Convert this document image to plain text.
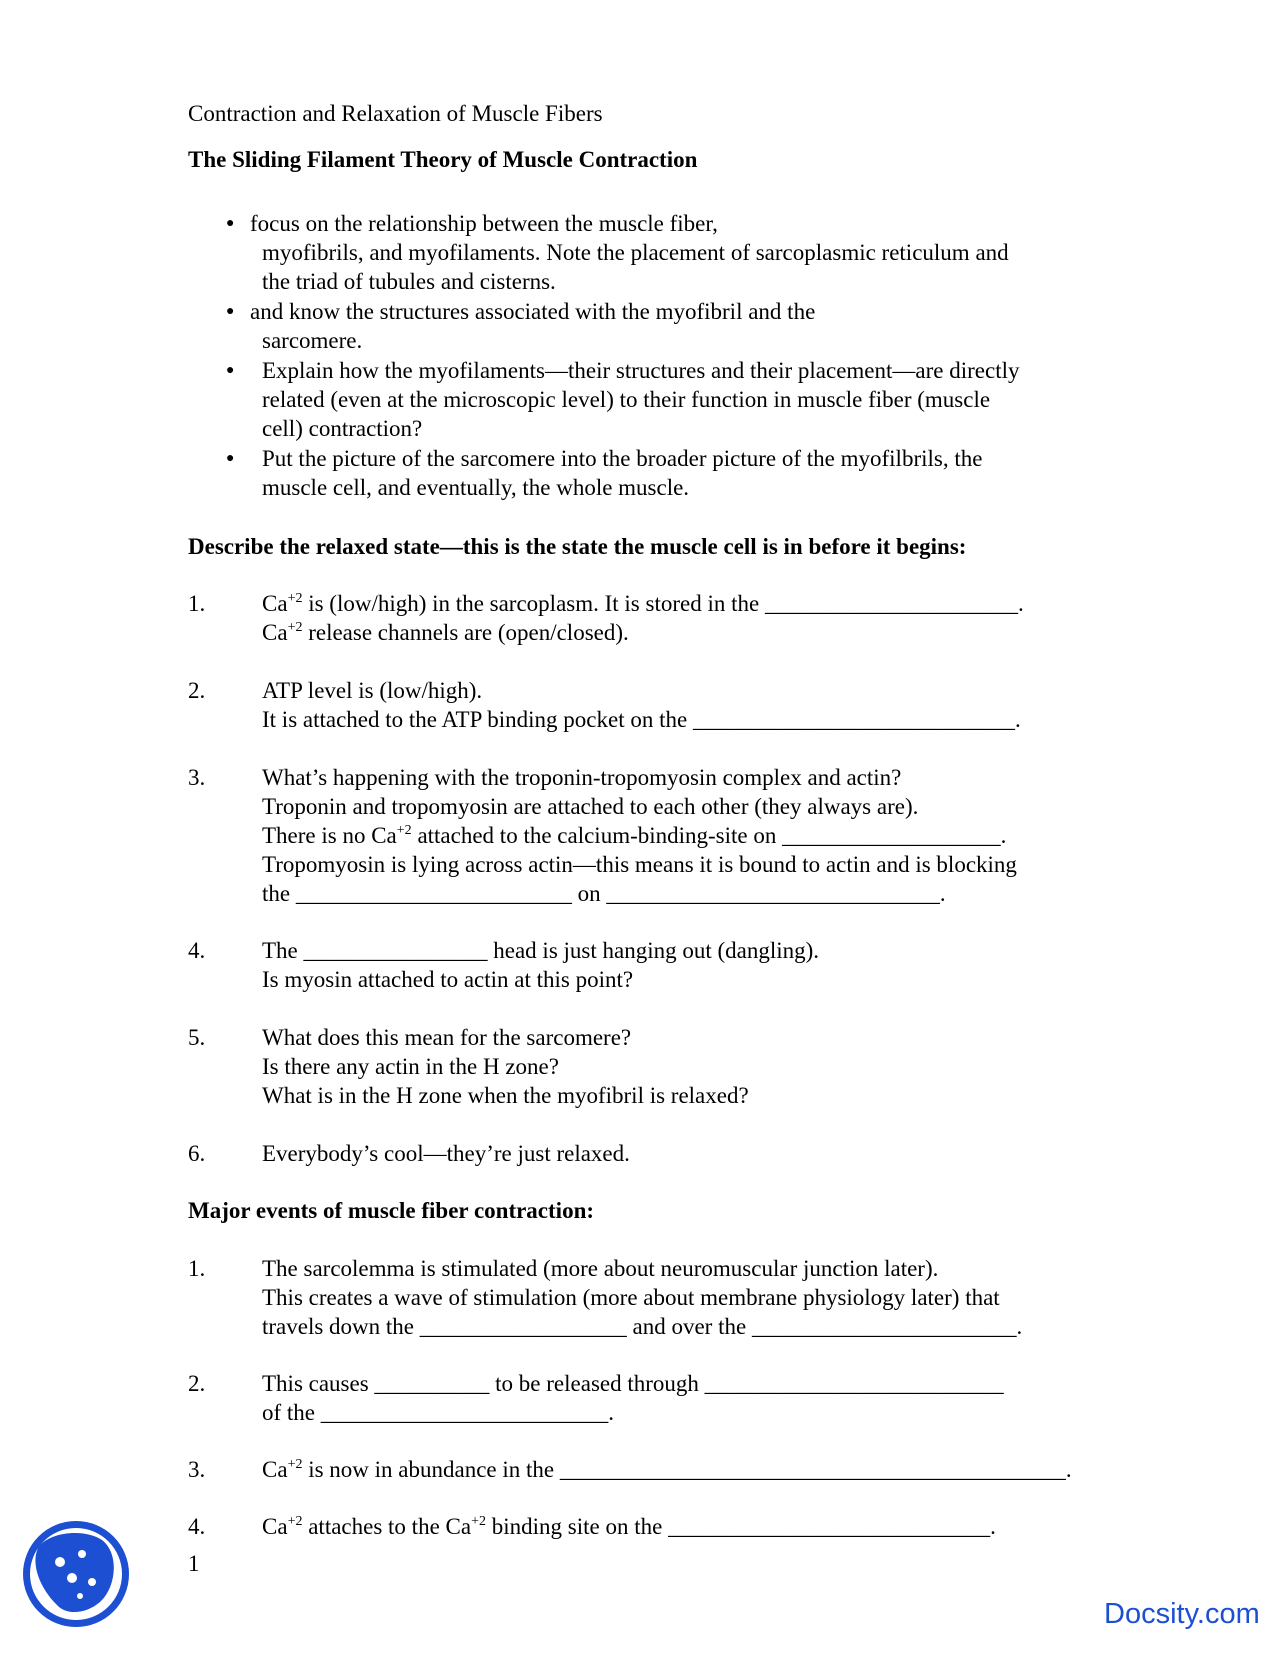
Contraction and Relaxation of Muscle Fibers
The Sliding Filament Theory of Muscle Contraction
● focus on the relationship between the muscle fiber,
myofibrils, and myofilaments. Note the placement of sarcoplasmic reticulum and
the triad of tubules and cisterns.
● and know the structures associated with the myofibril and the
sarcomere.
● Explain how the myofilaments—their structures and their placement—are directly
related (even at the microscopic level) to their function in muscle fiber (muscle
cell) contraction?
● Put the picture of the sarcomere into the broader picture of the myofilbrils, the
muscle cell, and eventually, the whole muscle.
Describe the relaxed state—this is the state the muscle cell is in before it begins:
1. $Ca^{+2}$ is (low/high) in the sarcoplasm. It is stored in the ______________________.
$Ca^{+2}$ release channels are (open/closed).
2. ATP level is (low/high).
It is attached to the ATP binding pocket on the ____________________________.
3. What’s happening with the troponin-tropomyosin complex and actin?
Troponin and tropomyosin are attached to each other (they always are).
There is no $Ca^{+2}$ attached to the calcium-binding-site on ___________________.
Tropomyosin is lying across actin—this means it is bound to actin and is blocking
the ________________________ on _____________________________.
4. The ________________ head is just hanging out (dangling).
Is myosin attached to actin at this point?
5. What does this mean for the sarcomere?
Is there any actin in the H zone?
What is in the H zone when the myofibril is relaxed?
6. Everybody’s cool—they’re just relaxed.
Major events of muscle fiber contraction:
1. The sarcolemma is stimulated (more about neuromuscular junction later).
This creates a wave of stimulation (more about membrane physiology later) that
travels down the __________________ and over the _______________________.
2. This causes __________ to be released through __________________________
of the _________________________.
3. $Ca^{+2}$ is now in abundance in the ____________________________________________.
4. $Ca^{+2}$ attaches to the $Ca^{+2}$ binding site on the ____________________________.
1
Docsity.com
